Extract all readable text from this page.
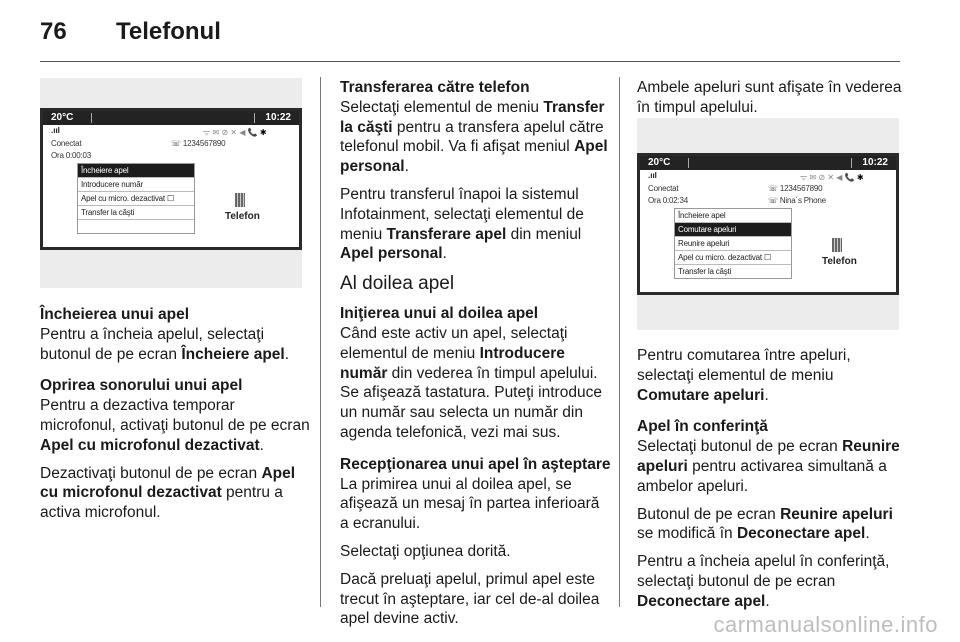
76 Telefonul
20°C	10:22
.ııl	ᯤ ✉ ⊘ ✕ ◀ 📞 ✱
Conectat
Ora 0:00:03
☏ 1234567890
Încheiere apel
Introducere număr
Apel cu micro. dezactivat ☐
Transfer la căşti	Telefon

Încheierea unui apel

Pentru a încheia apelul, selectaţi butonul de pe ecran Încheiere apel.

Oprirea sonorului unui apel

Pentru a dezactiva temporar microfonul, activaţi butonul de pe ecran Apel cu microfonul dezactivat.

Dezactivaţi butonul de pe ecran Apel cu microfonul dezactivat pentru a activa microfonul.

Transferarea către telefon

Selectaţi elementul de meniu Transfer la căşti pentru a transfera apelul către telefonul mobil. Va fi afişat meniul Apel personal.

Pentru transferul înapoi la sistemul Infotainment, selectaţi elementul de meniu Transferare apel din meniul Apel personal.

Al doilea apel

Iniţierea unui al doilea apel

Când este activ un apel, selectaţi elementul de meniu Introducere număr din vederea în timpul apelului. Se afişează tastatura. Puteţi introduce un număr sau selecta un număr din agenda telefonică, vezi mai sus.

Recepţionarea unui apel în aşteptare

La primirea unui al doilea apel, se afişează un mesaj în partea inferioară a ecranului.

Selectaţi opţiunea dorită.

Dacă preluaţi apelul, primul apel este trecut în aşteptare, iar cel de-al doilea apel devine activ.

Ambele apeluri sunt afişate în vederea în timpul apelului.

20°C	10:22
.ııl	ᯤ ✉ ⊘ ✕ ◀ 📞 ✱
Conectat
Ora 0:02:34
☏ 1234567890
☏ Nina´s Phone
Încheiere apel
Comutare apeluri
Reunire apeluri
Apel cu micro. dezactivat ☐
Transfer la căşti
Telefon

Pentru comutarea între apeluri, selectaţi elementul de meniu Comutare apeluri.

Apel în conferinţă

Selectaţi butonul de pe ecran Reunire apeluri pentru activarea simultană a ambelor apeluri.

Butonul de pe ecran Reunire apeluri se modifică în Deconectare apel.

Pentru a încheia apelul în conferinţă, selectaţi butonul de pe ecran Deconectare apel.

carmanualsonline.info
